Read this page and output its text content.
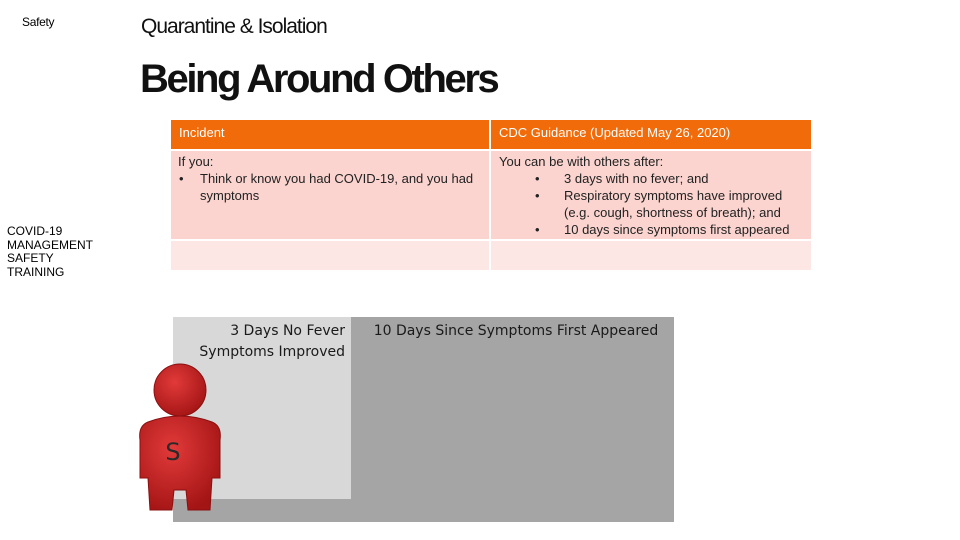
Safety	Quarantine & Isolation
Being Around Others
COVID-19
MANAGEMENT
SAFETY
TRAINING
Incident	CDC Guidance (Updated May 26, 2020)
If you:
• Think or know you had COVID-19, and you had symptoms
You can be with others after:
• 3 days with no fever; and
• Respiratory symptoms have improved (e.g. cough, shortness of breath); and
• 10 days since symptoms first appeared
3 Days No Fever
Symptoms Improved
10 Days Since Symptoms First Appeared
S
